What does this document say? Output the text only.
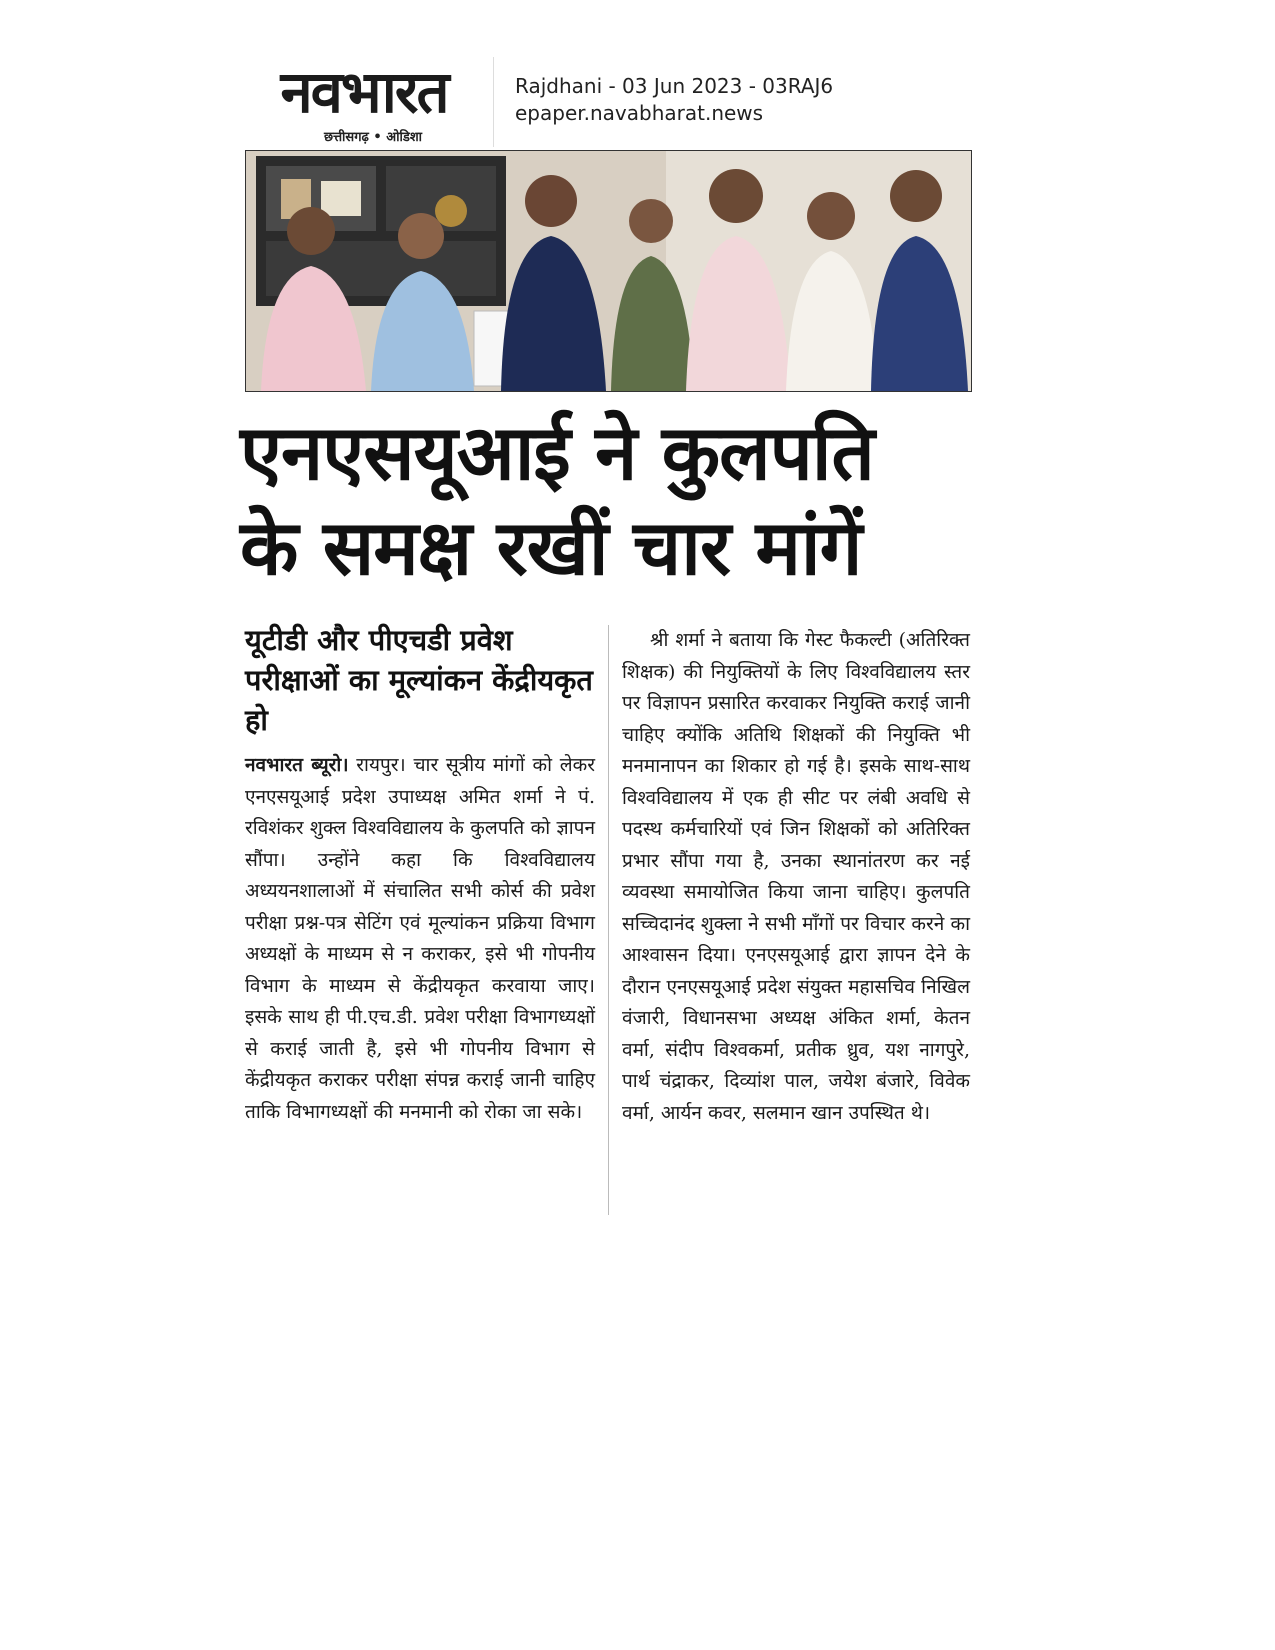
नवभारत
छत्तीसगढ़ • ओडिशा
Rajdhani - 03 Jun 2023 - 03RAJ6
epaper.navabharat.news
एनएसयूआई ने कुलपति
के समक्ष रखीं चार मांगें
यूटीडी और पीएचडी प्रवेश परीक्षाओं का मूल्यांकन केंद्रीयकृत हो
नवभारत ब्यूरो। रायपुर। चार सूत्रीय मांगों को लेकर एनएसयूआई प्रदेश उपाध्यक्ष अमित शर्मा ने पं. रविशंकर शुक्ल विश्वविद्यालय के कुलपति को ज्ञापन सौंपा। उन्होंने कहा कि विश्वविद्यालय अध्ययनशालाओं में संचालित सभी कोर्स की प्रवेश परीक्षा प्रश्न-पत्र सेटिंग एवं मूल्यांकन प्रक्रिया विभाग अध्यक्षों के माध्यम से न कराकर, इसे भी गोपनीय विभाग के माध्यम से केंद्रीयकृत करवाया जाए। इसके साथ ही पी.एच.डी. प्रवेश परीक्षा विभागध्यक्षों से कराई जाती है, इसे भी गोपनीय विभाग से केंद्रीयकृत कराकर परीक्षा संपन्न कराई जानी चाहिए ताकि विभागध्यक्षों की मनमानी को रोका जा सके।
श्री शर्मा ने बताया कि गेस्ट फैकल्टी (अतिरिक्त शिक्षक) की नियुक्तियों के लिए विश्वविद्यालय स्तर पर विज्ञापन प्रसारित करवाकर नियुक्ति कराई जानी चाहिए क्योंकि अतिथि शिक्षकों की नियुक्ति भी मनमानापन का शिकार हो गई है। इसके साथ-साथ विश्वविद्यालय में एक ही सीट पर लंबी अवधि से पदस्थ कर्मचारियों एवं जिन शिक्षकों को अतिरिक्त प्रभार सौंपा गया है, उनका स्थानांतरण कर नई व्यवस्था समायोजित किया जाना चाहिए। कुलपति सच्चिदानंद शुक्ला ने सभी माँगों पर विचार करने का आश्वासन दिया। एनएसयूआई द्वारा ज्ञापन देने के दौरान एनएसयूआई प्रदेश संयुक्त महासचिव निखिल वंजारी, विधानसभा अध्यक्ष अंकित शर्मा, केतन वर्मा, संदीप विश्वकर्मा, प्रतीक ध्रुव, यश नागपुरे, पार्थ चंद्राकर, दिव्यांश पाल, जयेश बंजारे, विवेक वर्मा, आर्यन कवर, सलमान खान उपस्थित थे।
